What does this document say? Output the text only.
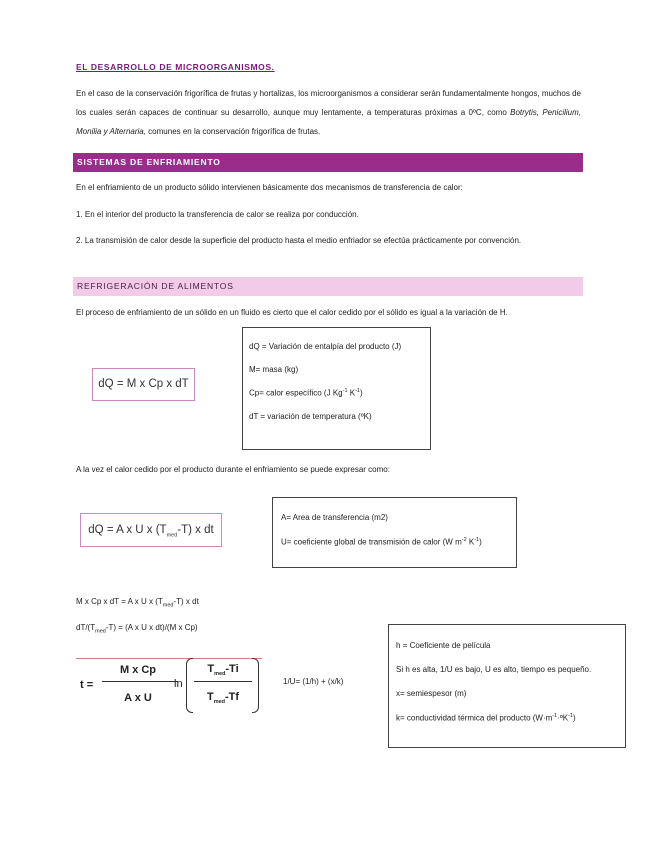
EL DESARROLLO DE MICROORGANISMOS.
En el caso de la conservación frigorífica de frutas y hortalizas, los microorganismos a considerar serán fundamentalmente hongos, muchos de los cuales serán capaces de continuar su desarrollo, aunque muy lentamente, a temperaturas próximas a 0ºC, como Botrytis, Penicilium, Monilia y Alternaria, comunes en la conservación frigorífica de frutas.
SISTEMAS DE ENFRIAMIENTO
En el enfriamiento de un producto sólido intervienen básicamente dos mecanismos de transferencia de calor:
1. En el interior del producto la transferencia de calor se realiza por conducción.
2. La transmisión de calor desde la superficie del producto hasta el medio enfriador se efectúa prácticamente por convención.
REFRIGERACIÓN DE ALIMENTOS
El proceso de enfriamiento de un sólido en un fluido es cierto que el calor cedido por el sólido es igual a la variación de H.
dQ = M x Cp x dT

dQ = Variación de entalpía del producto (J)

M= masa (kg)

Cp= calor específico (J $Kg^{-1}$ $K^{-1}$)

dT = variación de temperatura (ºK)

A la vez el calor cedido por el producto durante el enfriamiento se puede expresar como:
dQ = A x U x $(T_{med}-T)$ x dt

A= Area de transferencia (m2)

U= coeficiente global de transmisión de calor (W $m^{-2}$ $K^{-1}$)

M x Cp x dT = A x U x $(T_{med}-T)$ x dt
$dT/(T_{med}-T) = (A$ x U x dt)/(M x Cp)
t =
M x Cp
A x U
ln
$T_{med}-Ti$
$T_{med}-Tf$
1/U= (1/h) + (x/k)

h = Coeficiente de película

Si h es alta, 1/U es bajo, U es alto, tiempo es pequeño.

x= semiespesor (m)

k= conductividad térmica del producto $(W\cdot m^{-1}\cdot ºK^{-1})$
